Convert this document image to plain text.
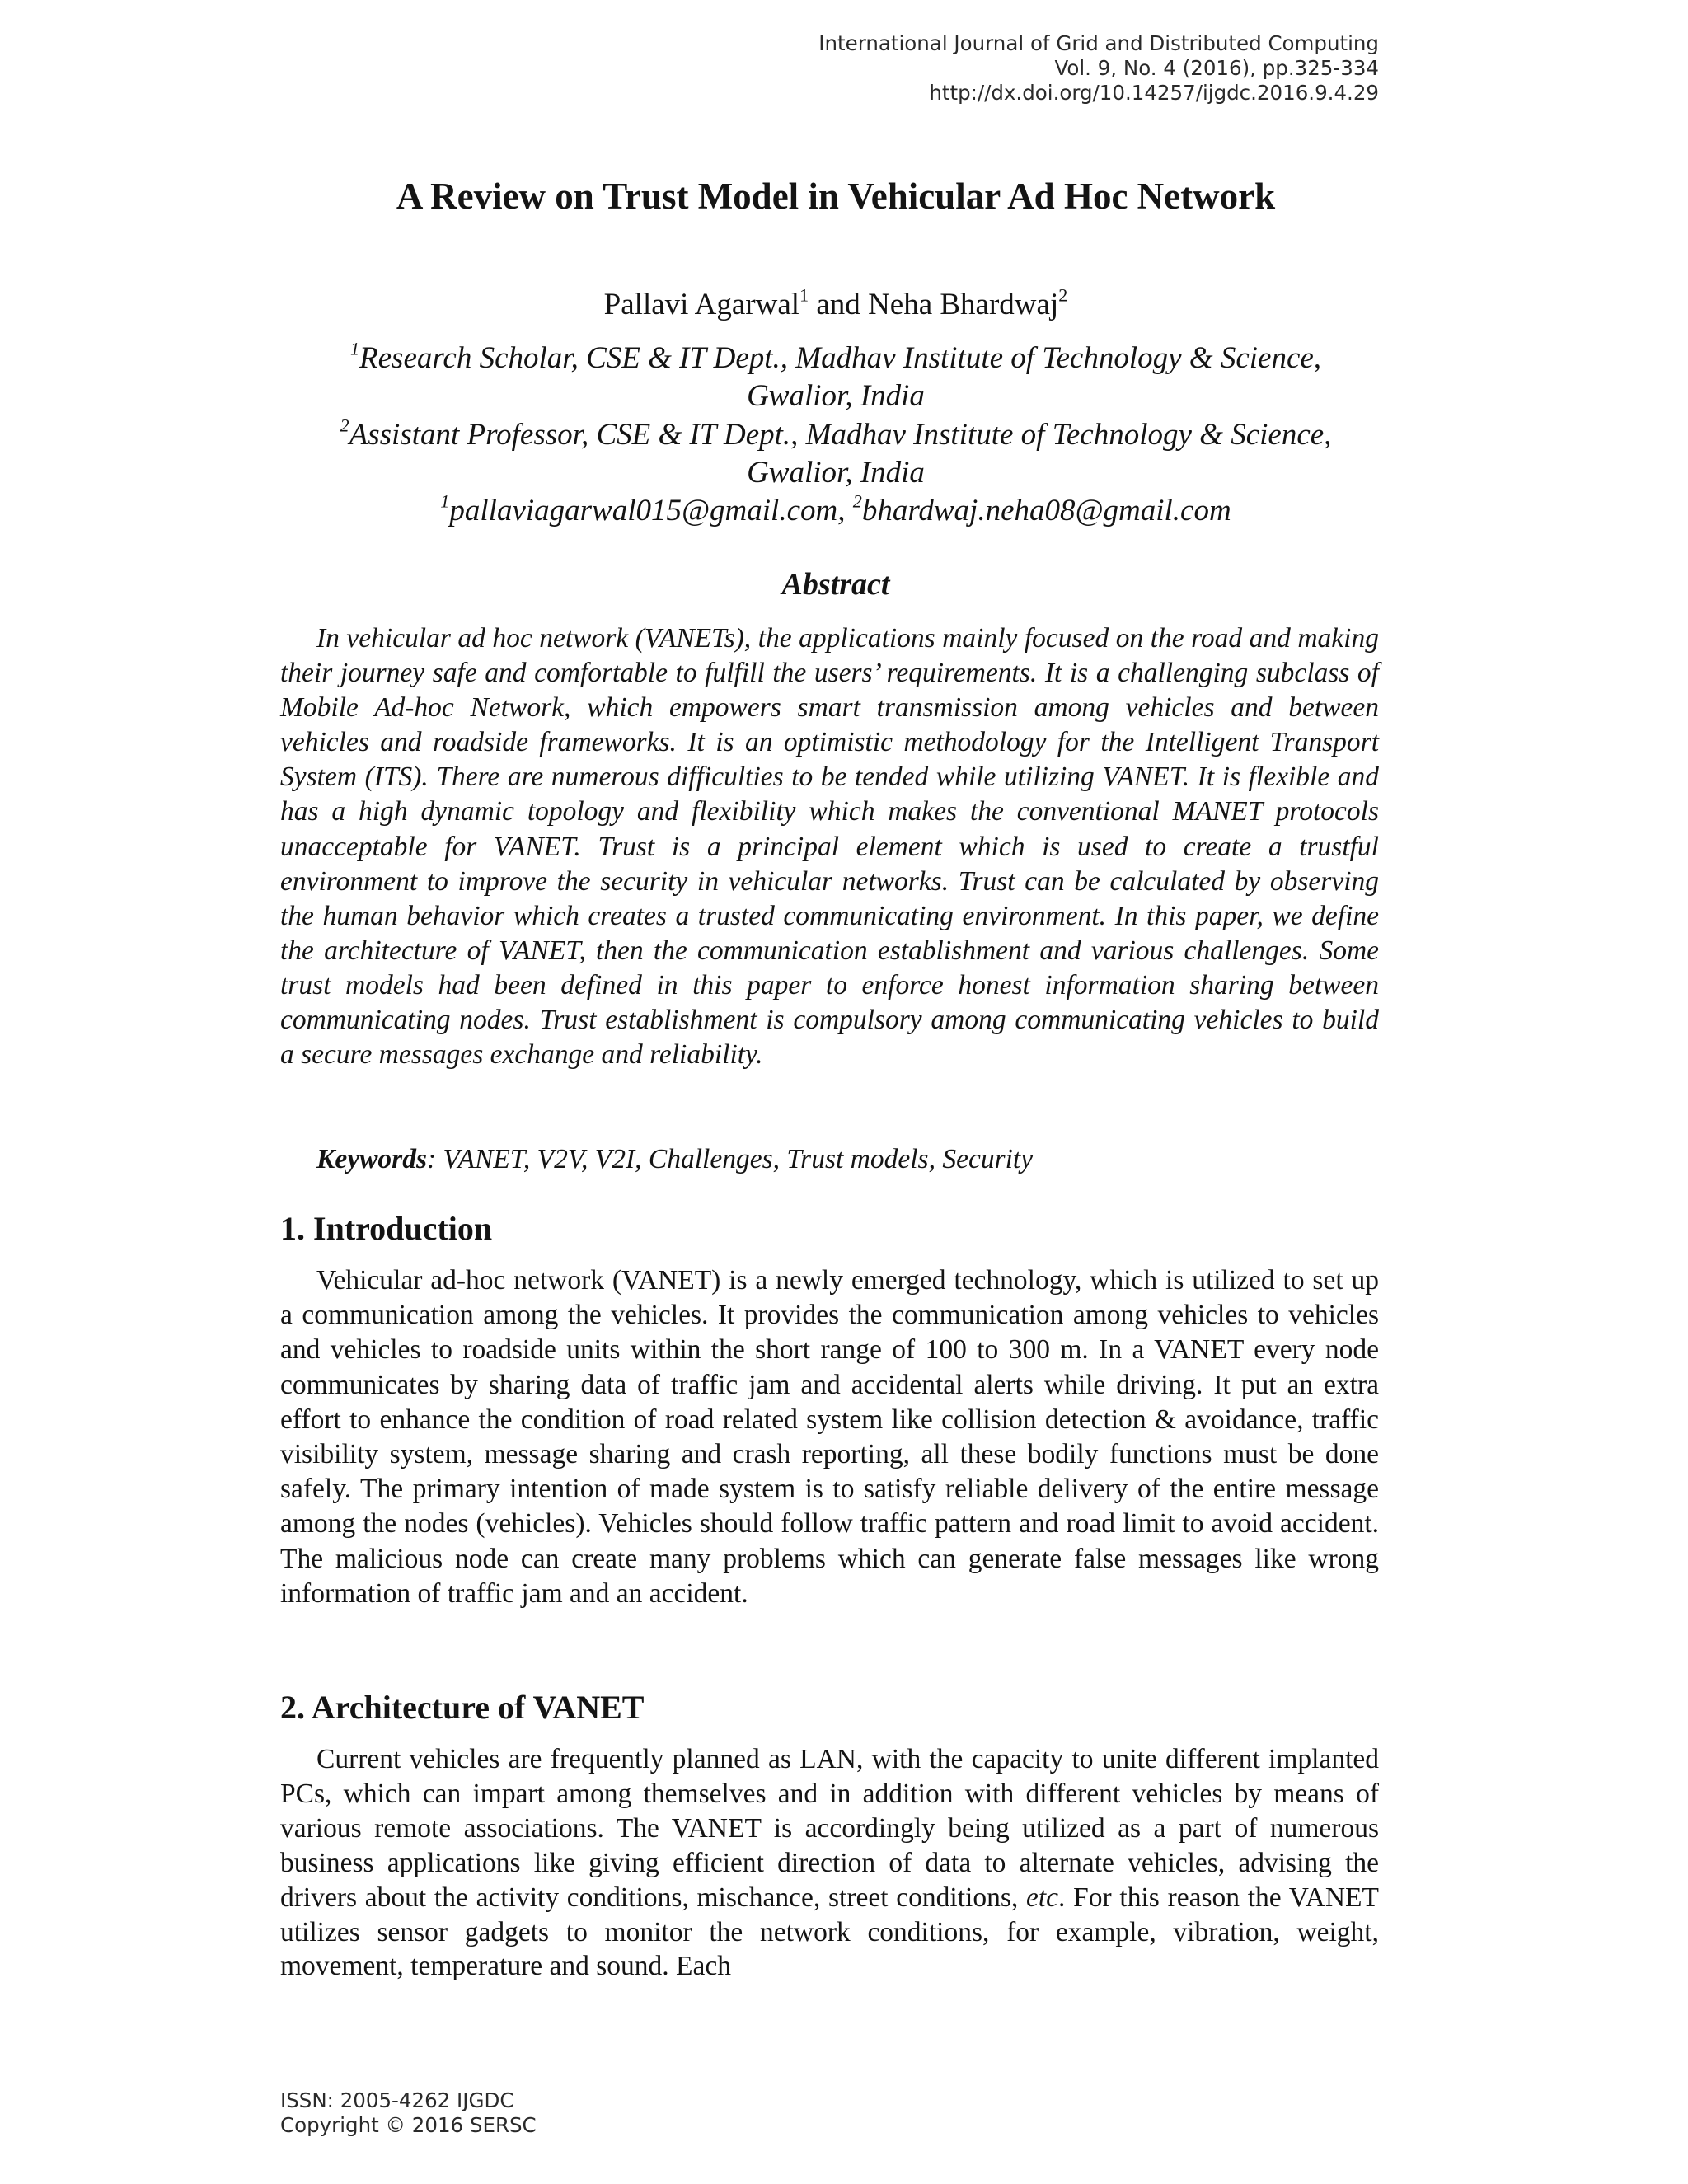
International Journal of Grid and Distributed Computing
Vol. 9, No. 4 (2016), pp.325-334
http://dx.doi.org/10.14257/ijgdc.2016.9.4.29
A Review on Trust Model in Vehicular Ad Hoc Network
Pallavi Agarwal$^1$ and Neha Bhardwaj$^2$
$^1$Research Scholar, CSE & IT Dept., Madhav Institute of Technology & Science,
Gwalior, India
$^2$Assistant Professor, CSE & IT Dept., Madhav Institute of Technology & Science,
Gwalior, India
$^1$pallaviagarwal015@gmail.com, $^2$bhardwaj.neha08@gmail.com
Abstract

In vehicular ad hoc network (VANETs), the applications mainly focused on the road and making their journey safe and comfortable to fulfill the users’ requirements. It is a challenging subclass of Mobile Ad-hoc Network, which empowers smart transmission among vehicles and between vehicles and roadside frameworks. It is an optimistic methodology for the Intelligent Transport System (ITS). There are numerous difficulties to be tended while utilizing VANET. It is flexible and has a high dynamic topology and flexibility which makes the conventional MANET protocols unacceptable for VANET. Trust is a principal element which is used to create a trustful environment to improve the security in vehicular networks. Trust can be calculated by observing the human behavior which creates a trusted communicating environment. In this paper, we define the architecture of VANET, then the communication establishment and various challenges. Some trust models had been defined in this paper to enforce honest information sharing between communicating nodes. Trust establishment is compulsory among communicating vehicles to build a secure messages exchange and reliability.

Keywords: VANET, V2V, V2I, Challenges, Trust models, Security
1. Introduction

Vehicular ad-hoc network (VANET) is a newly emerged technology, which is utilized to set up a communication among the vehicles. It provides the communication among vehicles to vehicles and vehicles to roadside units within the short range of 100 to 300 m. In a VANET every node communicates by sharing data of traffic jam and accidental alerts while driving. It put an extra effort to enhance the condition of road related system like collision detection & avoidance, traffic visibility system, message sharing and crash reporting, all these bodily functions must be done safely. The primary intention of made system is to satisfy reliable delivery of the entire message among the nodes (vehicles). Vehicles should follow traffic pattern and road limit to avoid accident. The malicious node can create many problems which can generate false messages like wrong information of traffic jam and an accident.

2. Architecture of VANET

Current vehicles are frequently planned as LAN, with the capacity to unite different implanted PCs, which can impart among themselves and in addition with different vehicles by means of various remote associations. The VANET is accordingly being utilized as a part of numerous business applications like giving efficient direction of data to alternate vehicles, advising the drivers about the activity conditions, mischance, street conditions, etc. For this reason the VANET utilizes sensor gadgets to monitor the network conditions, for example, vibration, weight, movement, temperature and sound. Each

ISSN: 2005-4262 IJGDC
Copyright © 2016 SERSC
